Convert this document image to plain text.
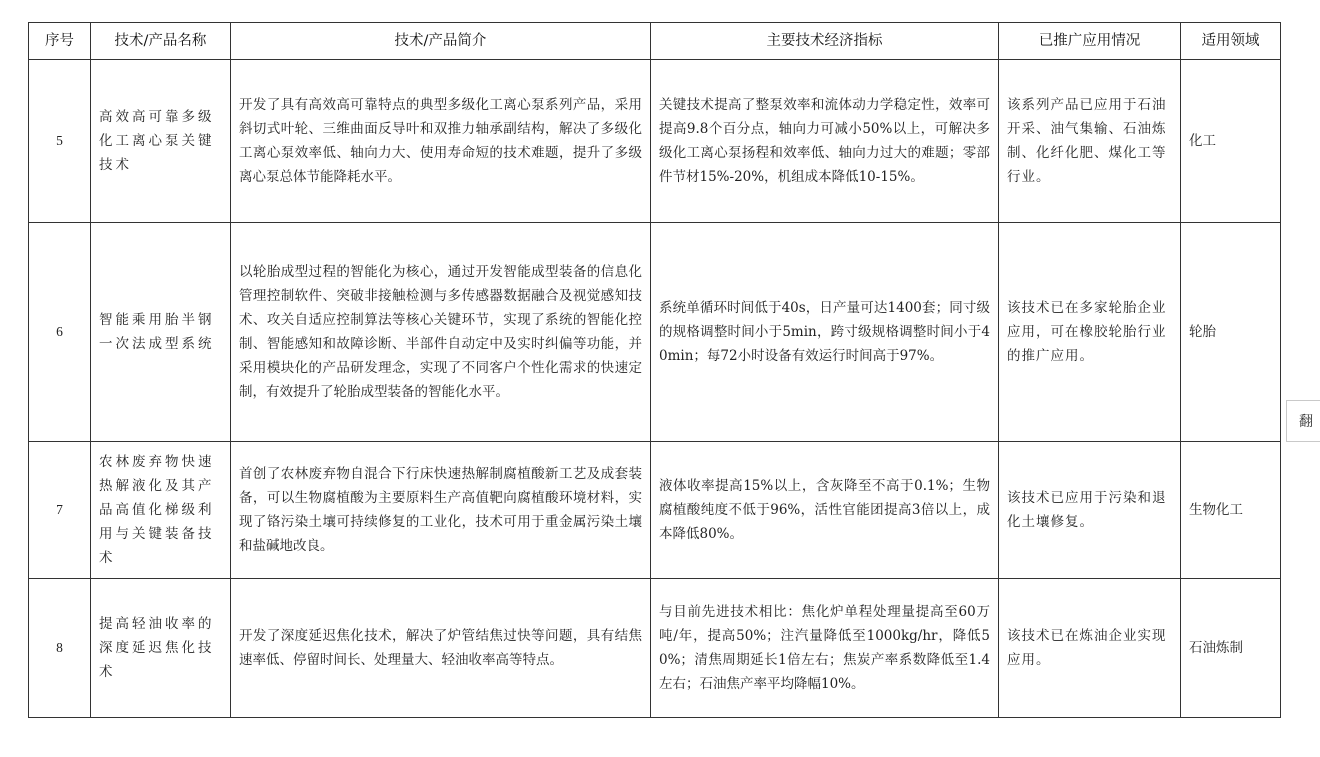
序号	技术/产品名称	技术/产品简介	主要技术经济指标	已推广应用情况	适用领域
5	高效高可靠多级化工离心泵关键技术	开发了具有高效高可靠特点的典型多级化工离心泵系列产品，采用斜切式叶轮、三维曲面反导叶和双推力轴承副结构，解决了多级化工离心泵效率低、轴向力大、使用寿命短的技术难题，提升了多级离心泵总体节能降耗水平。	关键技术提高了整泵效率和流体动力学稳定性，效率可提高9.8个百分点，轴向力可减小50%以上，可解决多级化工离心泵扬程和效率低、轴向力过大的难题；零部件节材15%-20%，机组成本降低10-15%。	该系列产品已应用于石油开采、油气集输、石油炼制、化纤化肥、煤化工等行业。	化工
6	智能乘用胎半钢一次法成型系统	以轮胎成型过程的智能化为核心，通过开发智能成型装备的信息化管理控制软件、突破非接触检测与多传感器数据融合及视觉感知技术、攻关自适应控制算法等核心关键环节，实现了系统的智能化控制、智能感知和故障诊断、半部件自动定中及实时纠偏等功能，并采用模块化的产品研发理念，实现了不同客户个性化需求的快速定制，有效提升了轮胎成型装备的智能化水平。	系统单循环时间低于40s，日产量可达1400套；同寸级的规格调整时间小于5min，跨寸级规格调整时间小于40min；每72小时设备有效运行时间高于97%。	该技术已在多家轮胎企业应用，可在橡胶轮胎行业的推广应用。	轮胎
7	农林废弃物快速热解液化及其产品高值化梯级利用与关键装备技术	首创了农林废弃物自混合下行床快速热解制腐植酸新工艺及成套装备，可以生物腐植酸为主要原料生产高值靶向腐植酸环境材料，实现了铬污染土壤可持续修复的工业化，技术可用于重金属污染土壤和盐碱地改良。	液体收率提高15%以上，含灰降至不高于0.1%；生物腐植酸纯度不低于96%，活性官能团提高3倍以上，成本降低80%。	该技术已应用于污染和退化土壤修复。	生物化工
8	提高轻油收率的深度延迟焦化技术	开发了深度延迟焦化技术，解决了炉管结焦过快等问题，具有结焦速率低、停留时间长、处理量大、轻油收率高等特点。	与目前先进技术相比：焦化炉单程处理量提高至60万吨/年，提高50%；注汽量降低至1000kg/hr，降低50%；清焦周期延长1倍左右；焦炭产率系数降低至1.4左右；石油焦产率平均降幅10%。	该技术已在炼油企业实现应用。	石油炼制
翻
